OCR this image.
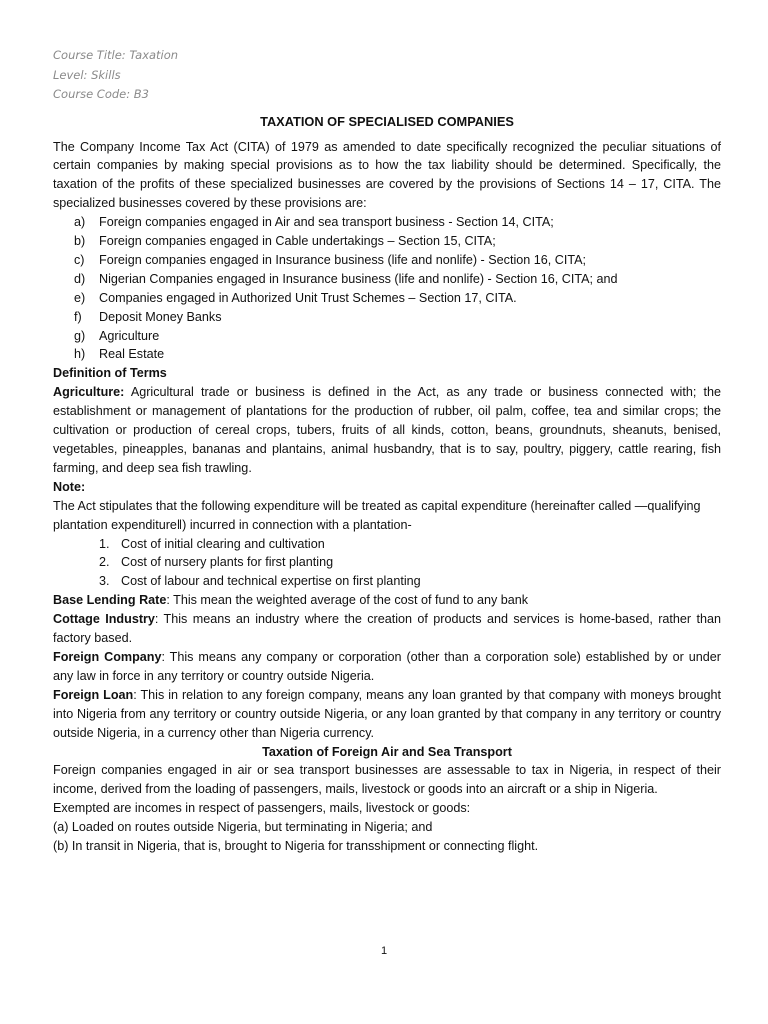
Course Title: Taxation
Level: Skills
Course Code: B3
TAXATION OF SPECIALISED COMPANIES

The Company Income Tax Act (CITA) of 1979 as amended to date specifically recognized the peculiar situations of certain companies by making special provisions as to how the tax liability should be determined. Specifically, the taxation of the profits of these specialized businesses are covered by the provisions of Sections 14 – 17, CITA. The specialized businesses covered by these provisions are:

a) Foreign companies engaged in Air and sea transport business - Section 14, CITA;
b) Foreign companies engaged in Cable undertakings – Section 15, CITA;
c) Foreign companies engaged in Insurance business (life and nonlife) - Section 16, CITA;
d) Nigerian Companies engaged in Insurance business (life and nonlife) - Section 16, CITA; and
e) Companies engaged in Authorized Unit Trust Schemes – Section 17, CITA.
f) Deposit Money Banks
g) Agriculture
h) Real Estate

Definition of Terms

Agriculture: Agricultural trade or business is defined in the Act, as any trade or business connected with; the establishment or management of plantations for the production of rubber, oil palm, coffee, tea and similar crops; the cultivation or production of cereal crops, tubers, fruits of all kinds, cotton, beans, groundnuts, sheanuts, benised, vegetables, pineapples, bananas and plantains, animal husbandry, that is to say, poultry, piggery, cattle rearing, fish farming, and deep sea fish trawling.

Note:

The Act stipulates that the following expenditure will be treated as capital expenditure (hereinafter called ―qualifying plantation expenditure‖) incurred in connection with a plantation-

1. Cost of initial clearing and cultivation
2. Cost of nursery plants for first planting
3. Cost of labour and technical expertise on first planting

Base Lending Rate: This mean the weighted average of the cost of fund to any bank

Cottage Industry: This means an industry where the creation of products and services is home-based, rather than factory based.

Foreign Company: This means any company or corporation (other than a corporation sole) established by or under any law in force in any territory or country outside Nigeria.

Foreign Loan: This in relation to any foreign company, means any loan granted by that company with moneys brought into Nigeria from any territory or country outside Nigeria, or any loan granted by that company in any territory or country outside Nigeria, in a currency other than Nigeria currency.

Taxation of Foreign Air and Sea Transport

Foreign companies engaged in air or sea transport businesses are assessable to tax in Nigeria, in respect of their income, derived from the loading of passengers, mails, livestock or goods into an aircraft or a ship in Nigeria.

Exempted are incomes in respect of passengers, mails, livestock or goods:

(a) Loaded on routes outside Nigeria, but terminating in Nigeria; and

(b) In transit in Nigeria, that is, brought to Nigeria for transshipment or connecting flight.

1
